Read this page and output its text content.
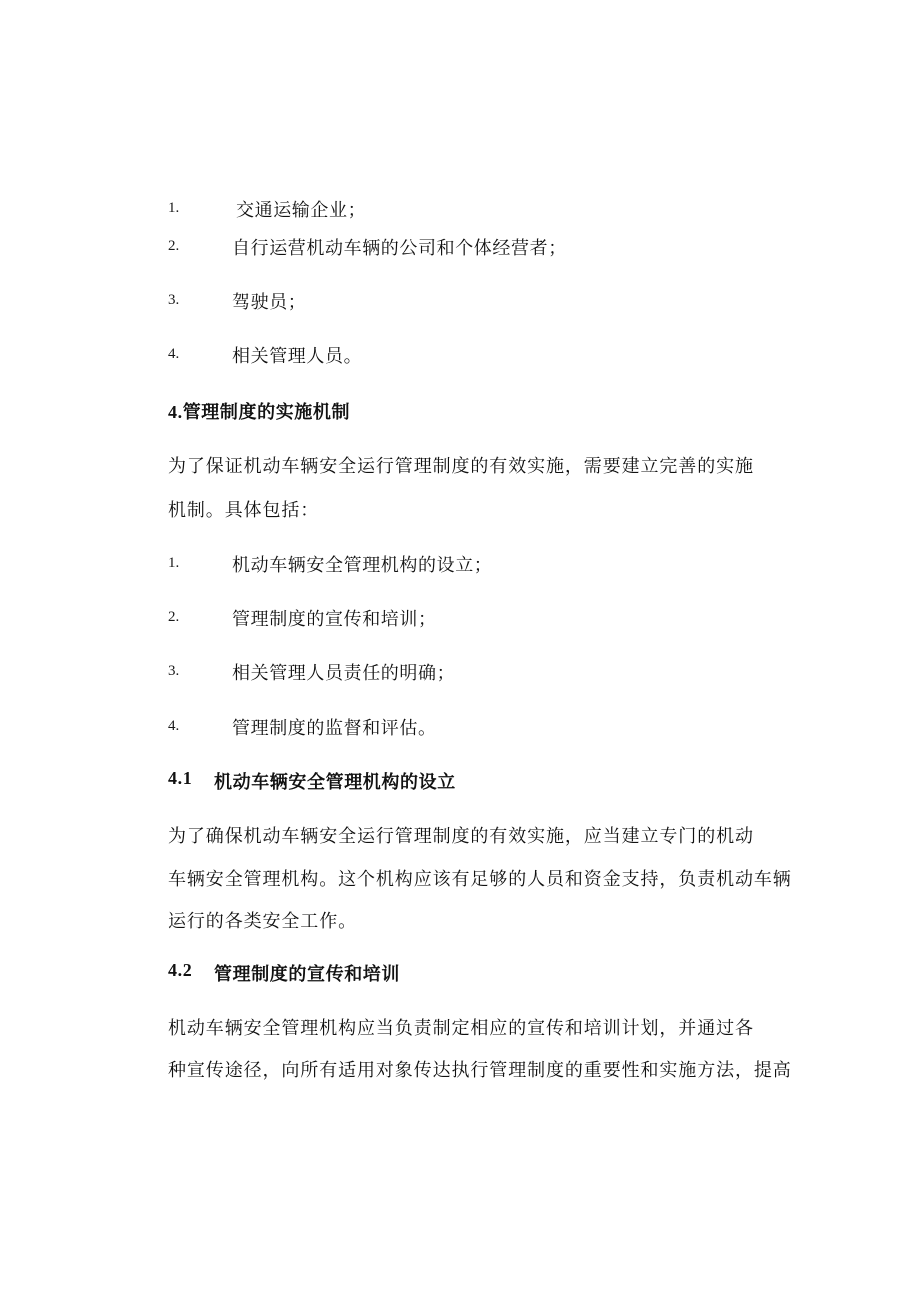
1.	交通运输企业；
2.	自行运营机动车辆的公司和个体经营者；
3.	驾驶员；
4.	相关管理人员。
4.管理制度的实施机制
为了保证机动车辆安全运行管理制度的有效实施，需要建立完善的实施
机制。具体包括：
1.	机动车辆安全管理机构的设立；
2.	管理制度的宣传和培训；
3.	相关管理人员责任的明确；
4.	管理制度的监督和评估。
4.1 机动车辆安全管理机构的设立
为了确保机动车辆安全运行管理制度的有效实施，应当建立专门的机动
车辆安全管理机构。这个机构应该有足够的人员和资金支持，负责机动车辆
运行的各类安全工作。
4.2 管理制度的宣传和培训
机动车辆安全管理机构应当负责制定相应的宣传和培训计划，并通过各
种宣传途径，向所有适用对象传达执行管理制度的重要性和实施方法，提高
